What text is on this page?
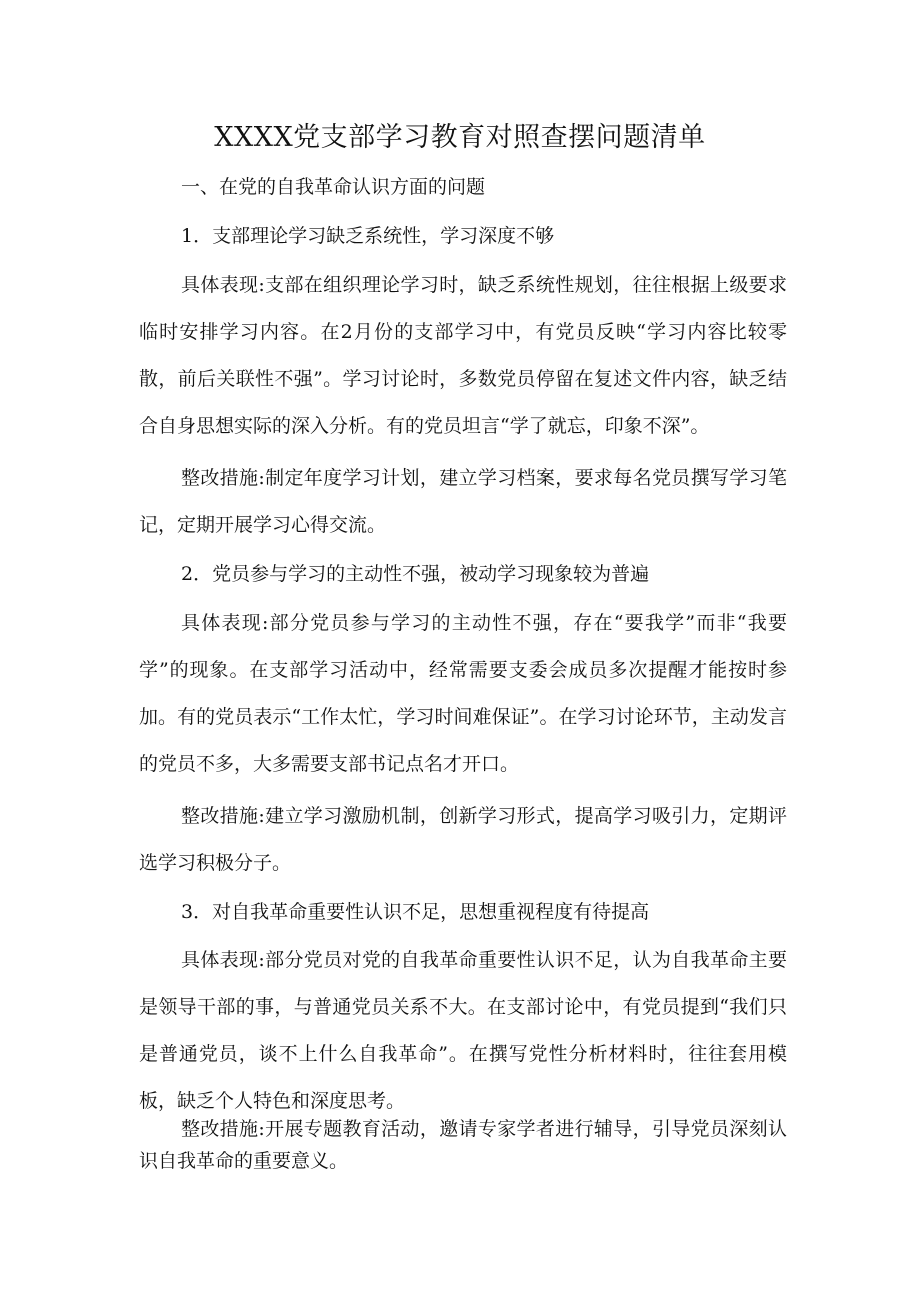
XXXX党支部学习教育对照查摆问题清单

一、在党的自我革命认识方面的问题

1．支部理论学习缺乏系统性，学习深度不够

具体表现:支部在组织理论学习时，缺乏系统性规划，往往根据上级要求临时安排学习内容。在2月份的支部学习中，有党员反映“学习内容比较零散，前后关联性不强”。学习讨论时，多数党员停留在复述文件内容，缺乏结合自身思想实际的深入分析。有的党员坦言“学了就忘，印象不深”。

整改措施:制定年度学习计划，建立学习档案，要求每名党员撰写学习笔记，定期开展学习心得交流。

2．党员参与学习的主动性不强，被动学习现象较为普遍

具体表现:部分党员参与学习的主动性不强，存在“要我学”而非“我要学”的现象。在支部学习活动中，经常需要支委会成员多次提醒才能按时参加。有的党员表示“工作太忙，学习时间难保证”。在学习讨论环节，主动发言的党员不多，大多需要支部书记点名才开口。

整改措施:建立学习激励机制，创新学习形式，提高学习吸引力，定期评选学习积极分子。

3．对自我革命重要性认识不足，思想重视程度有待提高

具体表现:部分党员对党的自我革命重要性认识不足，认为自我革命主要是领导干部的事，与普通党员关系不大。在支部讨论中，有党员提到“我们只是普通党员，谈不上什么自我革命”。在撰写党性分析材料时，往往套用模板，缺乏个人特色和深度思考。

整改措施:开展专题教育活动，邀请专家学者进行辅导，引导党员深刻认识自我革命的重要意义。
